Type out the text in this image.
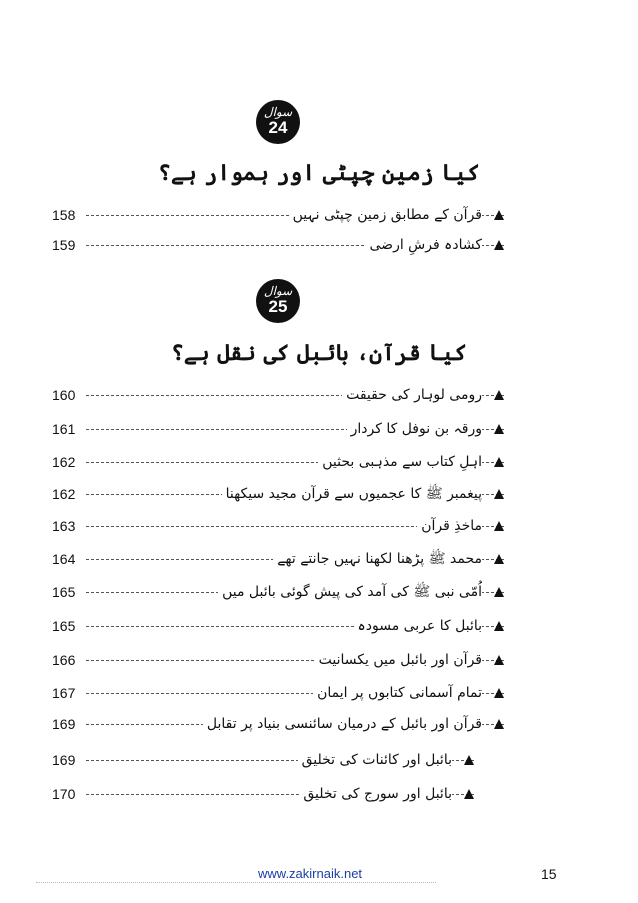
سوال
24
کیا زمین چپٹی اور ہموار ہے؟
158	قرآن کے مطابق زمین چپٹی نہیں
159	کشادہ فرشِ ارضی
سوال
25
کیا قرآن، بائبل کی نقل ہے؟
160	رومی لوہار کی حقیقت
161	ورقہ بن نوفل کا کردار
162	اہلِ کتاب سے مذہبی بحثیں
162	پیغمبر ﷺ کا عجمیوں سے قرآن مجید سیکھنا
163	ماخذِ قرآن
164	محمد ﷺ پڑھنا لکھنا نہیں جانتے تھے
165	اُمّی نبی ﷺ کی آمد کی پیش گوئی بائبل میں
165	بائبل کا عربی مسودہ
166	قرآن اور بائبل میں یکسانیت
167	تمام آسمانی کتابوں پر ایمان
169	قرآن اور بائبل کے درمیان سائنسی بنیاد پر تقابل
169	بائبل اور کائنات کی تخلیق
170	بائبل اور سورج کی تخلیق
www.zakirnaik.net	15
